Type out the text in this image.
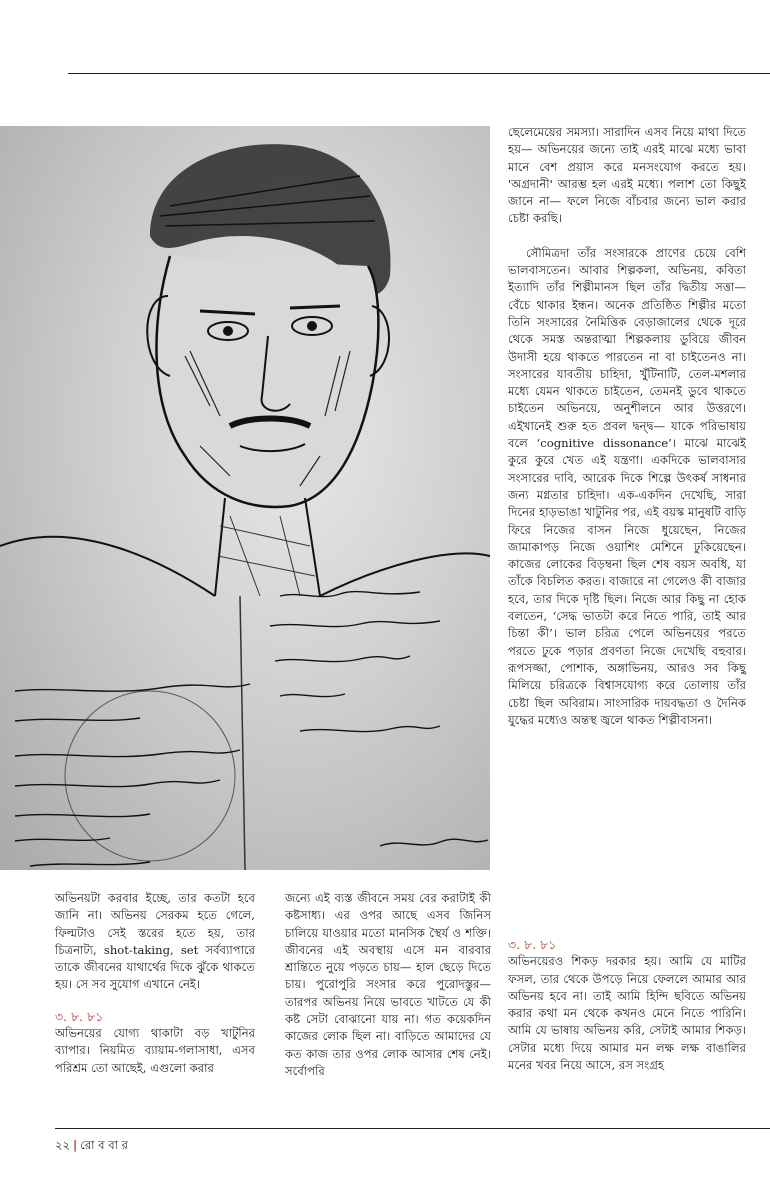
ছেলেমেয়ের সমস্যা। সারাদিন এসব নিয়ে মাথা দিতে হয়— অভিনয়ের জন্যে তাই এরই মাঝে মধ্যে ভাবা মানে বেশ প্রয়াস করে মনসংযোগ করতে হয়। 'অগ্রদানী' আরম্ভ হল এরই মধ্যে। পলাশ তো কিছুই জানে না— ফলে নিজে বাঁচবার জন্যে ভাল করার চেষ্টা করছি।

সৌমিত্রদা তাঁর সংসারকে প্রাণের চেয়ে বেশি ভালবাসতেন। আবার শিল্পকলা, অভিনয়, কবিতা ইত্যাদি তাঁর শিল্পীমানস ছিল তাঁর দ্বিতীয় সত্তা— বেঁচে থাকার ইন্ধন। অনেক প্রতিষ্ঠিত শিল্পীর মতো তিনি সংসারের নৈমিত্তিক বেড়াজালের থেকে দূরে থেকে সমস্ত অন্তরাত্মা শিল্পকলায় ডুবিয়ে জীবন উদাসী হয়ে থাকতে পারতেন না বা চাইতেনও না। সংসারের যাবতীয় চাহিদা, খুঁটিনাটি, তেল-মশলার মধ্যে যেমন থাকতে চাইতেন, তেমনই ডুবে থাকতে চাইতেন অভিনয়ে, অনুশীলনে আর উত্তরণে। এইখানেই শুরু হত প্রবল দ্বন্দ্ব— যাকে পরিভাষায় বলে ‘cognitive dissonance’। মাঝে মাঝেই কুরে কুরে খেত এই যন্ত্রণা। একদিকে ভালবাসার সংসারের দাবি, আরেক দিকে শিল্পে উৎকর্ষ সাধনার জন্য মগ্নতার চাহিদা। এক-একদিন দেখেছি, সারা দিনের হাড়ভাঙা খাটুনির পর, এই বয়স্ক মানুষটি বাড়ি ফিরে নিজের বাসন নিজে ধুয়েছেন, নিজের জামাকাপড় নিজে ওয়াশিং মেশিনে ঢুকিয়েছেন। কাজের লোকের বিড়ম্বনা ছিল শেষ বয়স অবধি, যা তাঁকে বিচলিত করত। বাজারে না গেলেও কী বাজার হবে, তার দিকে দৃষ্টি ছিল। নিজে আর কিছু না হোক বলতেন, ‘সেদ্ধ ভাতটা করে নিতে পারি, তাই আর চিন্তা কী’। ভাল চরিত্র পেলে অভিনয়ের পরতে পরতে ঢুকে পড়ার প্রবণতা নিজে দেখেছি বহুবার। রূপসজ্জা, পোশাক, অঙ্গাভিনয়, আরও সব কিছু মিলিয়ে চরিত্রকে বিশ্বাসযোগ্য করে তোলায় তাঁর চেষ্টা ছিল অবিরাম। সাংসারিক দায়বদ্ধতা ও দৈনিক যুদ্ধের মধ্যেও অন্তস্থ জ্বলে থাকত শিল্পীবাসনা।

অভিনয়টা করবার ইচ্ছে, তার কতটা হবে জানি না। অভিনয় সেরকম হতে গেলে, ফিল্মটাও সেই স্তরের হতে হয়, তার চিত্রনাট্য, shot-taking, set সর্বব্যাপারে তাকে জীবনের যাথার্থের দিকে ঝুঁকে থাকতে হয়। সে সব সুযোগ এখানে নেই।

৩. ৮. ৮১

অভিনয়ের যোগ্য থাকাটা বড় খাটুনির ব্যাপার। নিয়মিত ব্যায়াম-গলাসাধা, এসব পরিশ্রম তো আছেই, এগুলো করার

জন্যে এই ব্যস্ত জীবনে সময় বের করাটাই কী কষ্টসাধ্য। এর ওপর আছে এসব জিনিস চালিয়ে যাওয়ার মতো মানসিক স্থৈর্য ও শক্তি। জীবনের এই অবস্থায় এসে মন বারবার শ্রান্তিতে নুয়ে পড়তে চায়— হাল ছেড়ে দিতে চায়। পুরোপুরি সংসার করে পুরোদস্তুর— তারপর অভিনয় নিয়ে ভাবতে খাটতে যে কী কষ্ট সেটা বোঝানো যায় না। গত কয়েকদিন কাজের লোক ছিল না। বাড়িতে আমাদের যে কত কাজ তার ওপর লোক আসার শেষ নেই। সর্বোপরি

৩. ৮. ৮১

অভিনয়েরও শিকড় দরকার হয়। আমি যে মাটির ফসল, তার থেকে উপড়ে নিয়ে ফেললে আমার আর অভিনয় হবে না। তাই আমি হিন্দি ছবিতে অভিনয় করার কথা মন থেকে কখনও মেনে নিতে পারিনি। আমি যে ভাষায় অভিনয় করি, সেটাই আমার শিকড়। সেটার মধ্যে দিয়ে আমার মন লক্ষ লক্ষ বাঙালির মনের খবর নিয়ে আসে, রস সংগ্রহ

২২ | রো ব বা র
